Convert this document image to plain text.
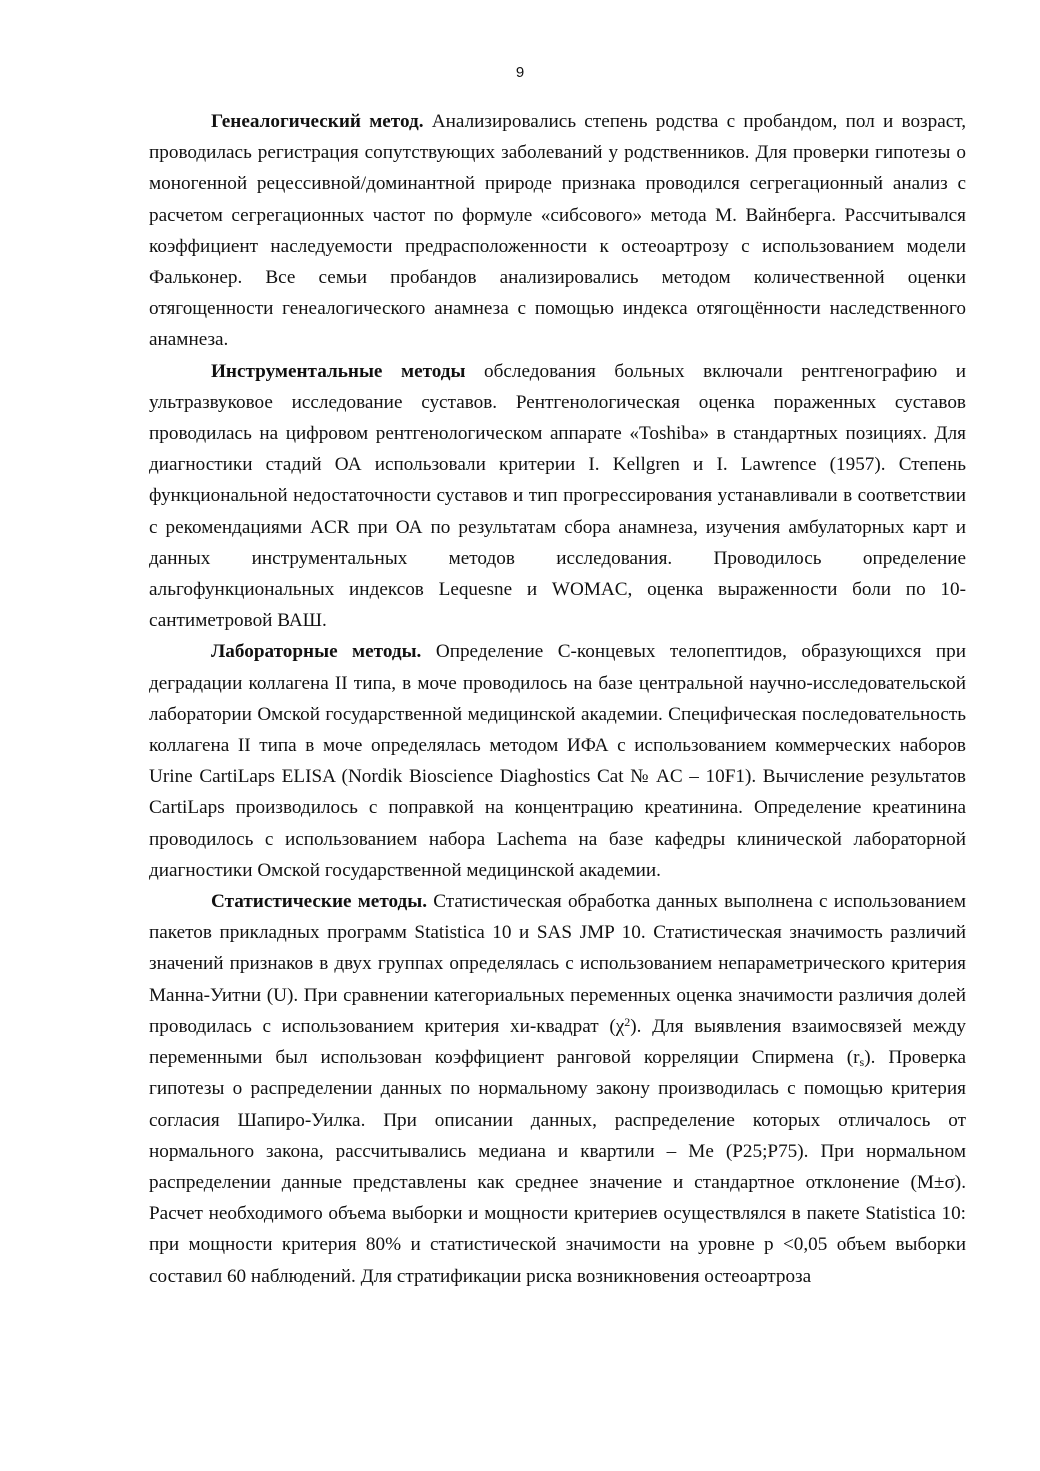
9

Генеалогический метод. Анализировались степень родства с пробандом, пол и возраст, проводилась регистрация сопутствующих заболеваний у родственников. Для проверки гипотезы о моногенной рецессивной/доминантной природе признака проводился сегрегационный анализ с расчетом сегрегационных частот по формуле «сибсового» метода М. Вайнберга. Рассчитывался коэффициент наследуемости предрасположенности к остеоартрозу с использованием модели Фальконер. Все семьи пробандов анализировались методом количественной оценки отягощенности генеалогического анамнеза с помощью индекса отягощённости наследственного анамнеза.

Инструментальные методы обследования больных включали рентгенографию и ультразвуковое исследование суставов. Рентгенологическая оценка пораженных суставов проводилась на цифровом рентгенологическом аппарате «Toshiba» в стандартных позициях. Для диагностики стадий ОА использовали критерии I. Kellgren и I. Lawrence (1957). Степень функциональной недостаточности суставов и тип прогрессирования устанавливали в соответствии с рекомендациями ACR при ОА по результатам сбора анамнеза, изучения амбулаторных карт и данных инструментальных методов исследования. Проводилось определение альгофункциональных индексов Lequesne и WOMAC, оценка выраженности боли по 10-сантиметровой ВАШ.

Лабораторные методы. Определение С-концевых телопептидов, образующихся при деградации коллагена II типа, в моче проводилось на базе центральной научно-исследовательской лаборатории Омской государственной медицинской академии. Специфическая последовательность коллагена II типа в моче определялась методом ИФА с использованием коммерческих наборов Urine CartiLaps ELISA (Nordik Bioscience Diaghostics Cat № AC – 10F1). Вычисление результатов CartiLaps производилось с поправкой на концентрацию креатинина. Определение креатинина проводилось с использованием набора Lachema на базе кафедры клинической лабораторной диагностики Омской государственной медицинской академии.

Статистические методы. Статистическая обработка данных выполнена с использованием пакетов прикладных программ Statistica 10 и SAS JMP 10. Статистическая значимость различий значений признаков в двух группах определялась с использованием непараметрического критерия Манна-Уитни (U). При сравнении категориальных переменных оценка значимости различия долей проводилась с использованием критерия хи-квадрат $(\chi^2)$. Для выявления взаимосвязей между переменными был использован коэффициент ранговой корреляции Спирмена $(r_s)$. Проверка гипотезы о распределении данных по нормальному закону производилась с помощью критерия согласия Шапиро-Уилка. При описании данных, распределение которых отличалось от нормального закона, рассчитывались медиана и квартили – Me (P25;P75). При нормальном распределении данные представлены как среднее значение и стандартное отклонение (M±σ). Расчет необходимого объема выборки и мощности критериев осуществлялся в пакете Statistica 10: при мощности критерия 80% и статистической значимости на уровне p <0,05 объем выборки составил 60 наблюдений. Для стратификации риска возникновения остеоартроза
